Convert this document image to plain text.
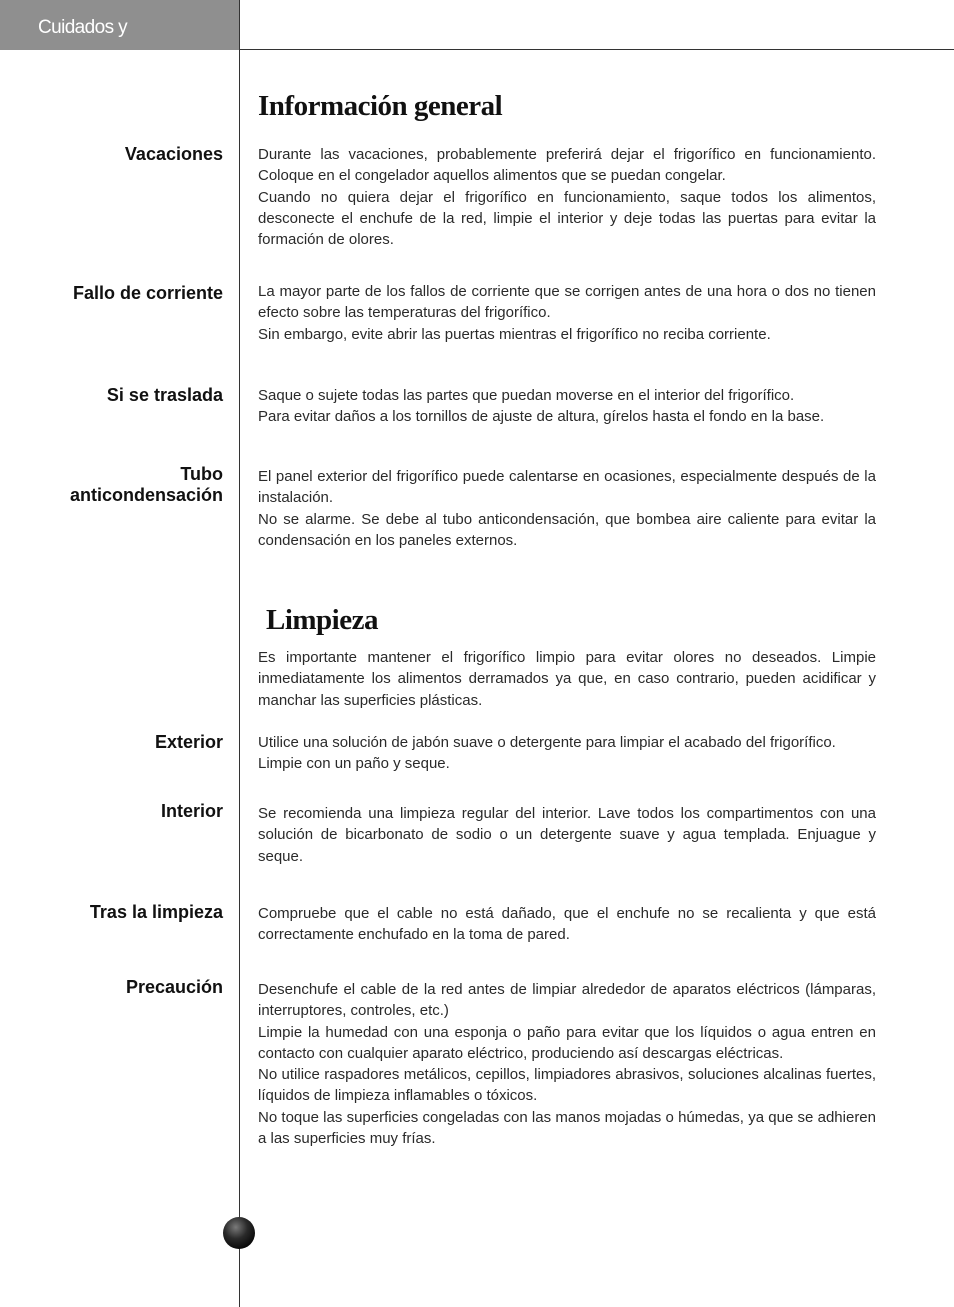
Cuidados y mantenimiento
Información general
Vacaciones Durante las vacaciones, probablemente preferirá dejar el frigorífico en funcionamiento. Coloque en el congelador aquellos alimentos que se puedan congelar.

Cuando no quiera dejar el frigorífico en funcionamiento, saque todos los alimentos, desconecte el enchufe de la red, limpie el interior y deje todas las puertas para evitar la formación de olores.

Fallo de corriente La mayor parte de los fallos de corriente que se corrigen antes de una hora o dos no tienen efecto sobre las temperaturas del frigorífico.

Sin embargo, evite abrir las puertas mientras el frigorífico no reciba corriente.

Si se traslada Saque o sujete todas las partes que puedan moverse en el interior del frigorífico.

Para evitar daños a los tornillos de ajuste de altura, gírelos hasta el fondo en la base.

Tubo
anticondensación

El panel exterior del frigorífico puede calentarse en ocasiones, especialmente después de la instalación.

No se alarme. Se debe al tubo anticondensación, que bombea aire caliente para evitar la condensación en los paneles externos.

Limpieza

Es importante mantener el frigorífico limpio para evitar olores no deseados. Limpie inmediatamente los alimentos derramados ya que, en caso contrario, pueden acidificar y manchar las superficies plásticas.

Exterior Utilice una solución de jabón suave o detergente para limpiar el acabado del frigorífico.

Limpie con un paño y seque.

Interior Se recomienda una limpieza regular del interior. Lave todos los compartimentos con una solución de bicarbonato de sodio o un detergente suave y agua templada. Enjuague y seque.

Tras la limpieza Compruebe que el cable no está dañado, que el enchufe no se recalienta y que está correctamente enchufado en la toma de pared.

Precaución Desenchufe el cable de la red antes de limpiar alrededor de aparatos eléctricos (lámparas, interruptores, controles, etc.)

Limpie la humedad con una esponja o paño para evitar que los líquidos o agua entren en contacto con cualquier aparato eléctrico, produciendo así descargas eléctricas.

No utilice raspadores metálicos, cepillos, limpiadores abrasivos, soluciones alcalinas fuertes, líquidos de limpieza inflamables o tóxicos.

No toque las superficies congeladas con las manos mojadas o húmedas, ya que se adhieren a las superficies muy frías.
